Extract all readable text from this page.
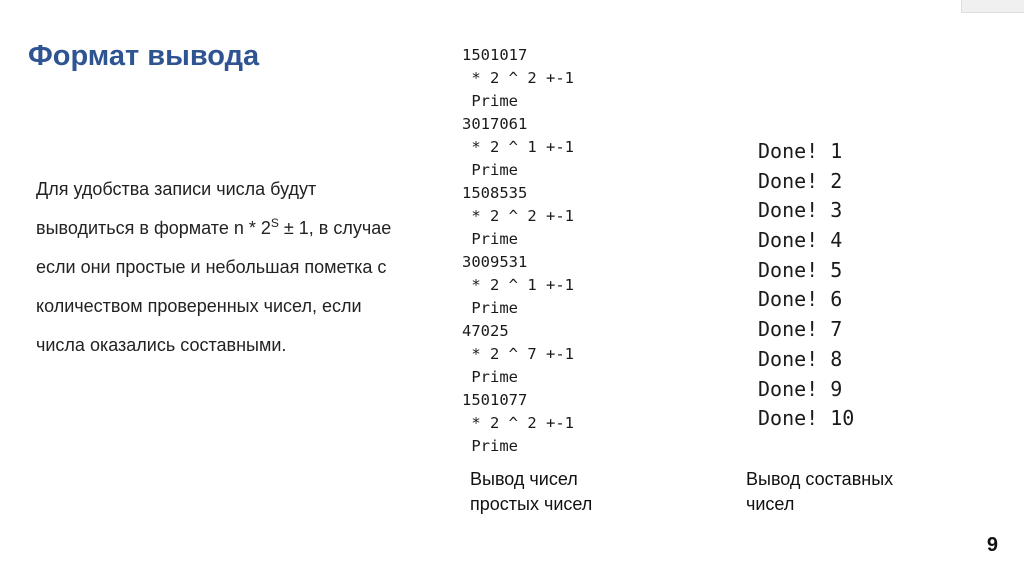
Формат вывода
Для удобства записи числа будут выводиться в формате $n * 2^S \pm 1$, в случае если они простые и небольшая пометка с количеством проверенных чисел, если числа оказались составными.
1501017
* 2 ^ 2 +-1
Prime
3017061
* 2 ^ 1 +-1
Prime
1508535
* 2 ^ 2 +-1
Prime
3009531
* 2 ^ 1 +-1
Prime
47025
* 2 ^ 7 +-1
Prime
1501077
* 2 ^ 2 +-1
Prime
Done! 1
Done! 2
Done! 3
Done! 4
Done! 5
Done! 6
Done! 7
Done! 8
Done! 9
Done! 10
Вывод чисел
простых чисел
Вывод составных
чисел
9
